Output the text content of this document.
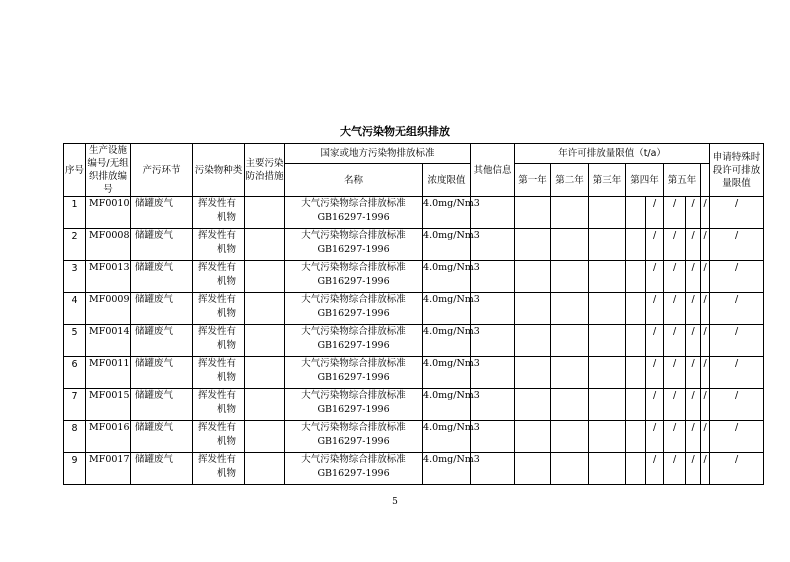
大气污染物无组织排放
序号	生产设施编号/无组织排放编号	产污环节	污染物种类	主要污染防治措施	国家或地方污染物排放标准		其他信息	年许可排放量限值（t/a）								申请特殊时段许可排放量限值	
					名称	浓度限值		第一年	第二年	第三年	第四年		第五年				
1	MF0010	储罐废气	挥发性有机物		大气污染物综合排放标准GB16297-1996	4.0mg/Nm3						/	/	/	/	/	

2	MF0008	储罐废气	挥发性有机物		大气污染物综合排放标准GB16297-1996	4.0mg/Nm3						/	/	/	/	/	

3	MF0013	储罐废气	挥发性有机物		大气污染物综合排放标准GB16297-1996	4.0mg/Nm3						/	/	/	/	/	

4	MF0009	储罐废气	挥发性有机物		大气污染物综合排放标准GB16297-1996	4.0mg/Nm3						/	/	/	/	/	

5	MF0014	储罐废气	挥发性有机物		大气污染物综合排放标准GB16297-1996	4.0mg/Nm3						/	/	/	/	/	

6	MF0011	储罐废气	挥发性有机物		大气污染物综合排放标准GB16297-1996	4.0mg/Nm3						/	/	/	/	/	

7	MF0015	储罐废气	挥发性有机物		大气污染物综合排放标准GB16297-1996	4.0mg/Nm3						/	/	/	/	/	

8	MF0016	储罐废气	挥发性有机物		大气污染物综合排放标准GB16297-1996	4.0mg/Nm3						/	/	/	/	/	

9	MF0017	储罐废气	挥发性有机物		大气污染物综合排放标准GB16297-1996	4.0mg/Nm3						/	/	/	/	/	
5
